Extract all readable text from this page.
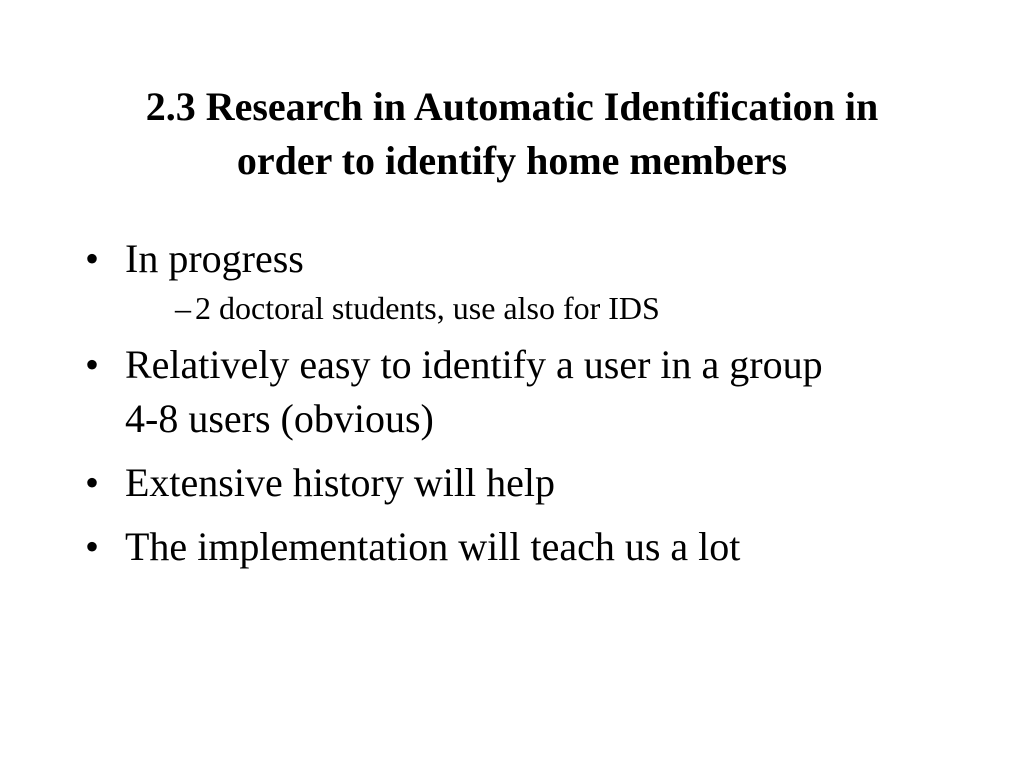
2.3 Research in Automatic Identification in
order to identify home members
• In progress
– 2 doctoral students, use also for IDS
• Relatively easy to identify a user in a group
4-8 users (obvious)
• Extensive history will help
• The implementation will teach us a lot
